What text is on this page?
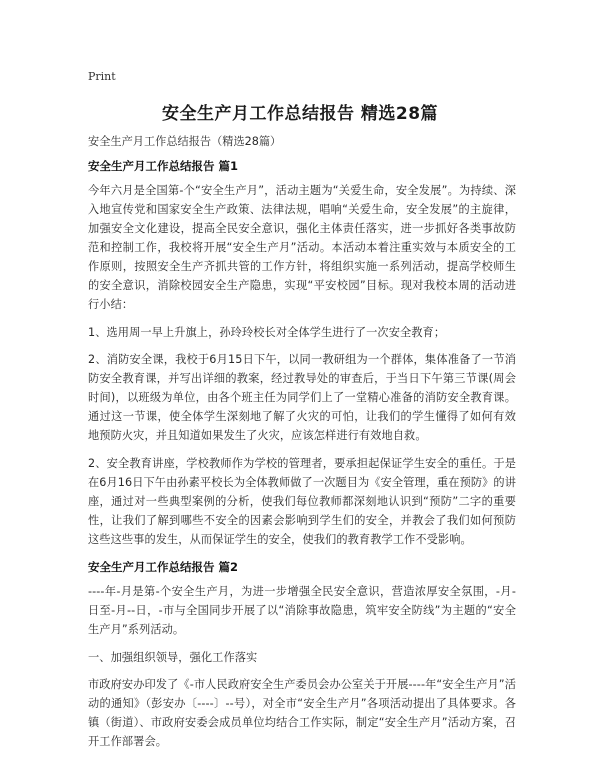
Print
安全生产月工作总结报告 精选28篇
安全生产月工作总结报告（精选28篇）
安全生产月工作总结报告 篇1
今年六月是全国第-个“安全生产月”，活动主题为“关爱生命，安全发展”。为持续、深入地宣传党和国家安全生产政策、法律法规，唱响“关爱生命，安全发展”的主旋律，加强安全文化建设，提高全民安全意识，强化主体责任落实，进一步抓好各类事故防范和控制工作，我校将开展“安全生产月”活动。本活动本着注重实效与本质安全的工作原则，按照安全生产齐抓共管的工作方针，将组织实施一系列活动，提高学校师生的安全意识，消除校园安全生产隐患，实现“平安校园”目标。现对我校本周的活动进行小结：
1、选用周一早上升旗上，孙玲玲校长对全体学生进行了一次安全教育；
2、消防安全课，我校于6月15日下午，以同一教研组为一个群体，集体准备了一节消防安全教育课，并写出详细的教案，经过教导处的审查后，于当日下午第三节课(周会时间)，以班级为单位，由各个班主任为同学们上了一堂精心准备的消防安全教育课。通过这一节课，使全体学生深刻地了解了火灾的可怕，让我们的学生懂得了如何有效地预防火灾，并且知道如果发生了火灾，应该怎样进行有效地自救。
2、安全教育讲座，学校教师作为学校的管理者，要承担起保证学生安全的重任。于是在6月16日下午由孙素平校长为全体教师做了一次题目为《安全管理，重在预防》的讲座，通过对一些典型案例的分析，使我们每位教师都深刻地认识到“预防”二字的重要性，让我们了解到哪些不安全的因素会影响到学生们的安全，并教会了我们如何预防这些这些事的发生，从而保证学生的安全，使我们的教育教学工作不受影响。
安全生产月工作总结报告 篇2
----年-月是第-个安全生产月，为进一步增强全民安全意识，营造浓厚安全氛围，-月-日至-月--日，-市与全国同步开展了以“消除事故隐患，筑牢安全防线”为主题的“安全生产月”系列活动。
一、加强组织领导，强化工作落实
市政府安办印发了《-市人民政府安全生产委员会办公室关于开展----年“安全生产月”活动的通知》（彭安办〔----〕--号），对全市“安全生产月”各项活动提出了具体要求。各镇（街道）、市政府安委会成员单位均结合工作实际，制定“安全生产月”活动方案，召开工作部署会。
